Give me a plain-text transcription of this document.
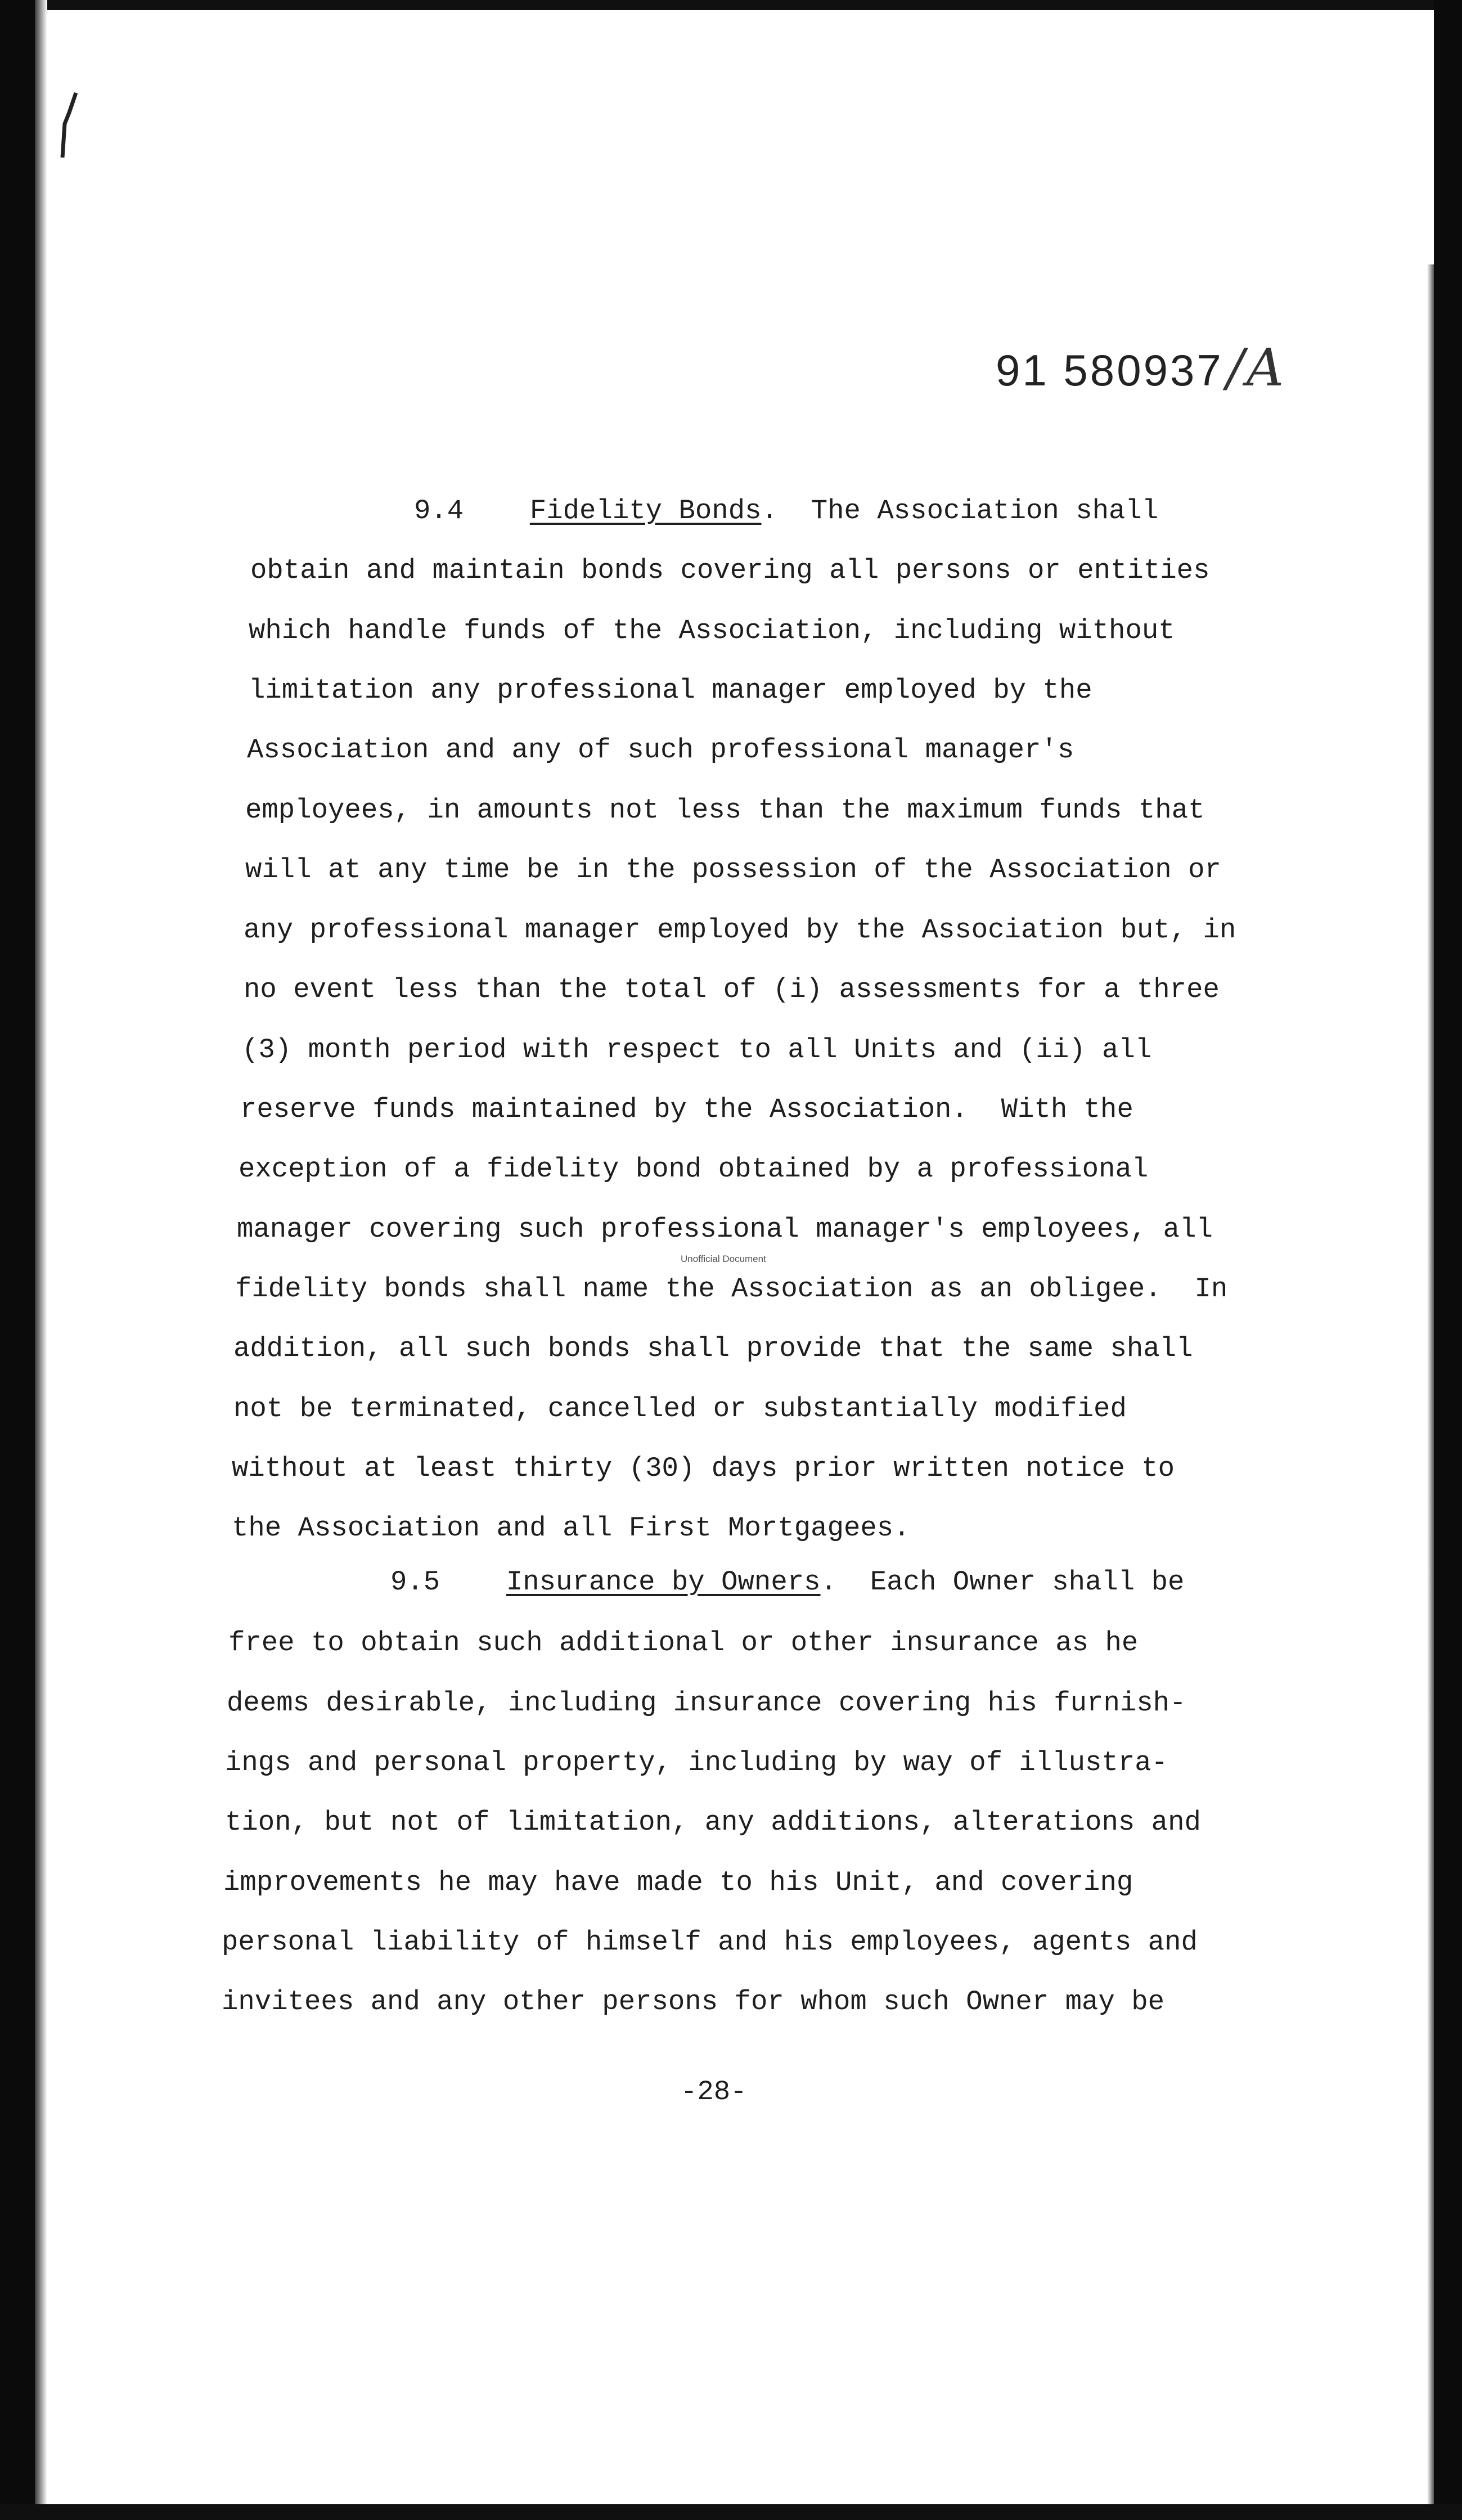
91 580937/A
9.4 Fidelity Bonds.  The Association shall
obtain and maintain bonds covering all persons or entities
which handle funds of the Association, including without
limitation any professional manager employed by the
Association and any of such professional manager's
employees, in amounts not less than the maximum funds that
will at any time be in the possession of the Association or
any professional manager employed by the Association but, in
no event less than the total of (i) assessments for a three
(3) month period with respect to all Units and (ii) all
reserve funds maintained by the Association.  With the
exception of a fidelity bond obtained by a professional
manager covering such professional manager's employees, all
Unofficial Document
fidelity bonds shall name the Association as an obligee.  In
addition, all such bonds shall provide that the same shall
not be terminated, cancelled or substantially modified
without at least thirty (30) days prior written notice to
the Association and all First Mortgagees.
9.5 Insurance by Owners.  Each Owner shall be
free to obtain such additional or other insurance as he
deems desirable, including insurance covering his furnish-
ings and personal property, including by way of illustra-
tion, but not of limitation, any additions, alterations and
improvements he may have made to his Unit, and covering
personal liability of himself and his employees, agents and
invitees and any other persons for whom such Owner may be
-28-
